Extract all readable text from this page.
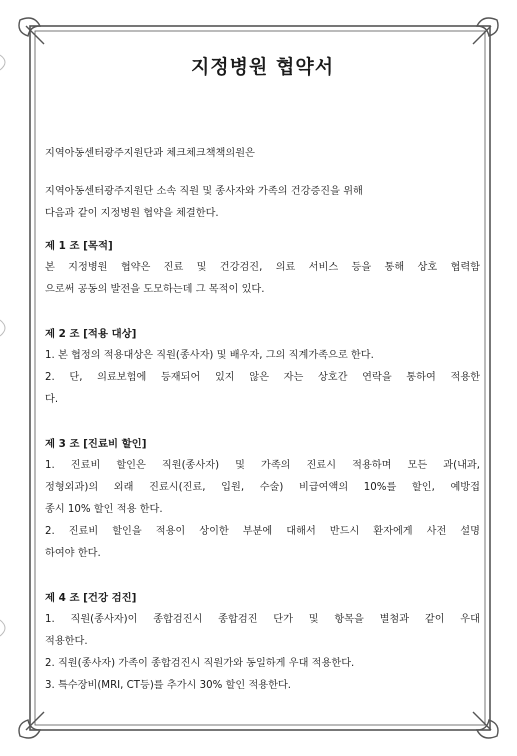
지정병원 협약서
지역아동센터광주지원단과 체크체크책책의원은
지역아동센터광주지원단 소속 직원 및 종사자와 가족의 건강증진을 위해
다음과 같이 지정병원 협약을 체결한다.
제 1 조 [목적]
본 지정병원 협약은 진료 및 건강검진, 의료 서비스 등을 통해 상호 협력함
으로써 공동의 발전을 도모하는데 그 목적이 있다.
제 2 조 [적용 대상]
1. 본 협정의 적용대상은 직원(종사자) 및 배우자, 그의 직계가족으로 한다.
2. 단, 의료보험에 등재되어 있지 않은 자는 상호간 연락을 통하여 적용한
다.
제 3 조 [진료비 할인]
1. 진료비 할인은 직원(종사자) 및 가족의 진료시 적용하며 모든 과(내과,
정형외과)의 외래 진료시(진료, 입원, 수술) 비급여액의 10%를 할인, 예방접
종시 10% 할인 적용 한다.
2. 진료비 할인을 적용이 상이한 부분에 대해서 반드시 환자에게 사전 설명
하여야 한다.
제 4 조 [건강 검진]
1. 직원(종사자)이 종합검진시 종합검진 단가 및 항목을 별첨과 같이 우대
적용한다.
2. 직원(종사자) 가족이 종합검진시 직원가와 동일하게 우대 적용한다.
3. 특수장비(MRI, CT등)를 추가시 30% 할인 적용한다.
